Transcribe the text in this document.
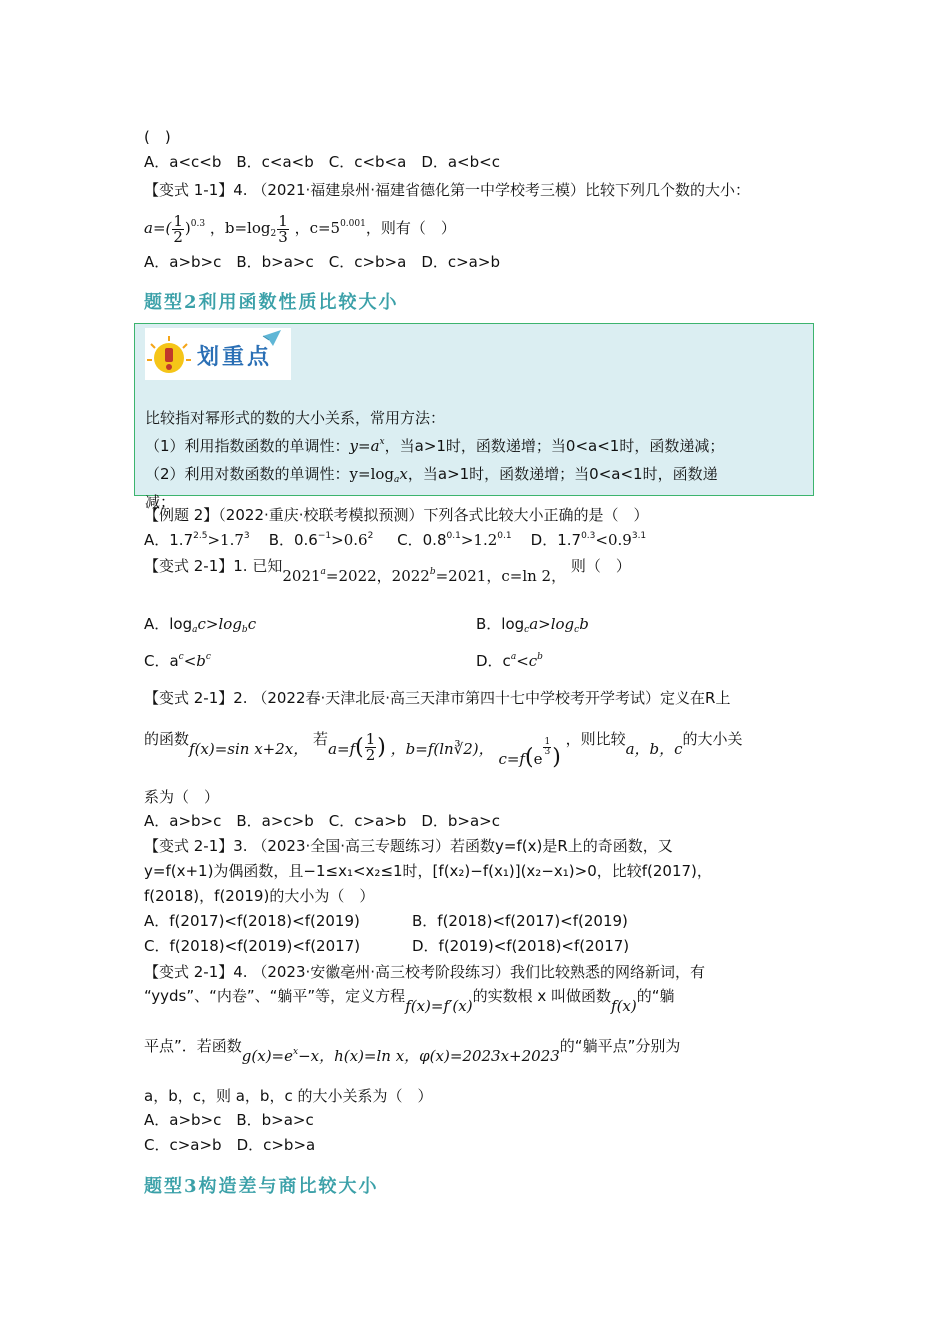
(　)
A．a<c<b　B．c<a<b　C．c<b<a　D．a<b<c
【变式 1-1】4. （2021·福建泉州·福建省德化第一中学校考三模）比较下列几个数的大小：
$a=( \frac{1}{2} )^{0.3}$ ，$b=\log_2 \frac{1}{3}$ ，$c=5^{0.001}$，则有（　）
A．a>b>c　B．b>a>c　C．c>b>a　D．c>a>b
题型2利用函数性质比较大小
划重点
比较指对幂形式的数的大小关系，常用方法：
（1）利用指数函数的单调性：$y=a^x$，当a>1时，函数递增；当0<a<1时，函数递减；
（2）利用对数函数的单调性：$y=\log_ax$，当a>1时，函数递增；当0<a<1时，函数递
减；
【例题 2】（2022·重庆·校联考模拟预测）下列各式比较大小正确的是（　）
A．$1.7^{2.5}>1.7^3$ B．$0.6^{-1}>0.6^2$ C．$0.8^{0.1}>1.2^{0.1}$ D．$1.7^{0.3}<0.9^{3.1}$
【变式 2-1】1. 已知$2021^a=2022$，$2022^b=2021$，c=ln 2， 则（　）
A．$\log_ac>\log_bc$	B．$\log_ca>\log_cb$
C．$a^c<b^c$	D．$c^a<c^b$
【变式 2-1】2. （2022春·天津北辰·高三天津市第四十七中学校考开学考试）定义在R上
的函数f(x)=sin x+2x， 若$a=f( \frac{1}{2}$ ) ，b=f(ln∛2)， c=f(e
$\frac{1}{3}$ ) ，则比较a，b，c的大小关
系为（　）
A．a>b>c　B．a>c>b　C．c>a>b　D．b>a>c
【变式 2-1】3. （2023·全国·高三专题练习）若函数y=f(x)是R上的奇函数，又
y=f(x+1)为偶函数，且−1≤x₁<x₂≤1时，[f(x₂)−f(x₁)](x₂−x₁)>0，比较f(2017)，
f(2018)，f(2019)的大小为（　）
A．f(2017)<f(2018)<f(2019)	B．f(2018)<f(2017)<f(2019)
C．f(2018)<f(2019)<f(2017)	D．f(2019)<f(2018)<f(2017)
【变式 2-1】4. （2023·安徽亳州·高三校考阶段练习）我们比较熟悉的网络新词，有
“yyds”、“内卷”、“躺平”等，定义方程f(x)=f′(x)的实数根 x 叫做函数f(x)的“躺
平点”．若函数$g(x)=e^x-x$，h(x)=ln x，φ(x)=2023x+2023的“躺平点”分别为
a，b，c，则 a，b，c 的大小关系为（　）
A．a>b>c　B．b>a>c
C．c>a>b　D．c>b>a
题型3构造差与商比较大小
